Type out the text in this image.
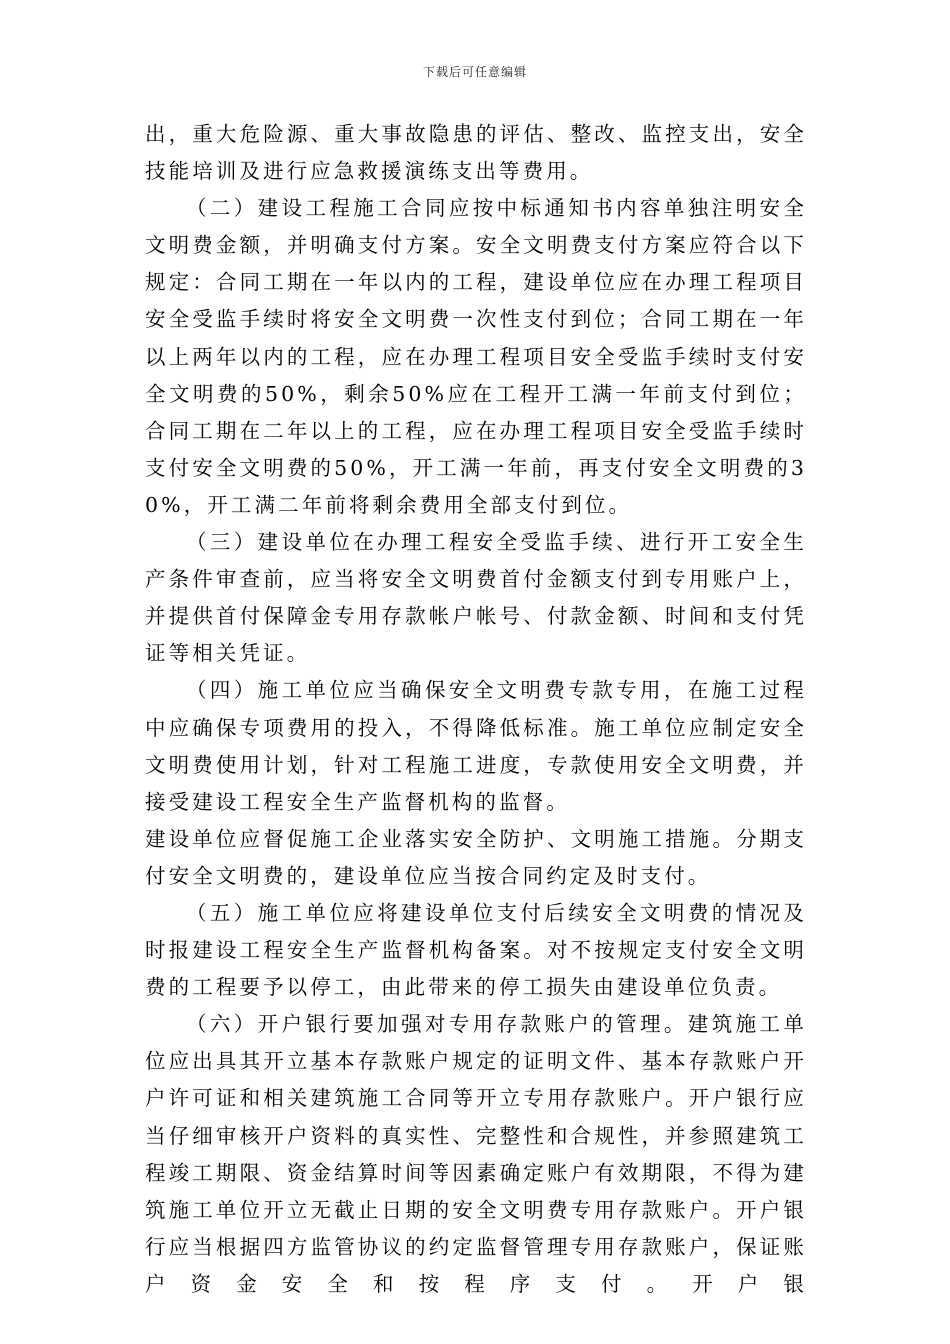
下载后可任意编辑

出，重大危险源、重大事故隐患的评估、整改、监控支出，安全技能培训及进行应急救援演练支出等费用。

（二）建设工程施工合同应按中标通知书内容单独注明安全文明费金额，并明确支付方案。安全文明费支付方案应符合以下规定：合同工期在一年以内的工程，建设单位应在办理工程项目安全受监手续时将安全文明费一次性支付到位；合同工期在一年以上两年以内的工程，应在办理工程项目安全受监手续时支付安全文明费的50%，剩余50%应在工程开工满一年前支付到位；合同工期在二年以上的工程，应在办理工程项目安全受监手续时支付安全文明费的50%，开工满一年前，再支付安全文明费的30%，开工满二年前将剩余费用全部支付到位。

（三）建设单位在办理工程安全受监手续、进行开工安全生产条件审查前，应当将安全文明费首付金额支付到专用账户上，并提供首付保障金专用存款帐户帐号、付款金额、时间和支付凭证等相关凭证。

（四）施工单位应当确保安全文明费专款专用，在施工过程中应确保专项费用的投入，不得降低标准。施工单位应制定安全文明费使用计划，针对工程施工进度，专款使用安全文明费，并接受建设工程安全生产监督机构的监督。

建设单位应督促施工企业落实安全防护、文明施工措施。分期支付安全文明费的，建设单位应当按合同约定及时支付。

（五）施工单位应将建设单位支付后续安全文明费的情况及时报建设工程安全生产监督机构备案。对不按规定支付安全文明费的工程要予以停工，由此带来的停工损失由建设单位负责。

（六）开户银行要加强对专用存款账户的管理。建筑施工单位应出具其开立基本存款账户规定的证明文件、基本存款账户开户许可证和相关建筑施工合同等开立专用存款账户。开户银行应当仔细审核开户资料的真实性、完整性和合规性，并参照建筑工程竣工期限、资金结算时间等因素确定账户有效期限，不得为建筑施工单位开立无截止日期的安全文明费专用存款账户。开户银行应当根据四方监管协议的约定监督管理专用存款账户，保证账户资金安全和按程序支付。开户银
